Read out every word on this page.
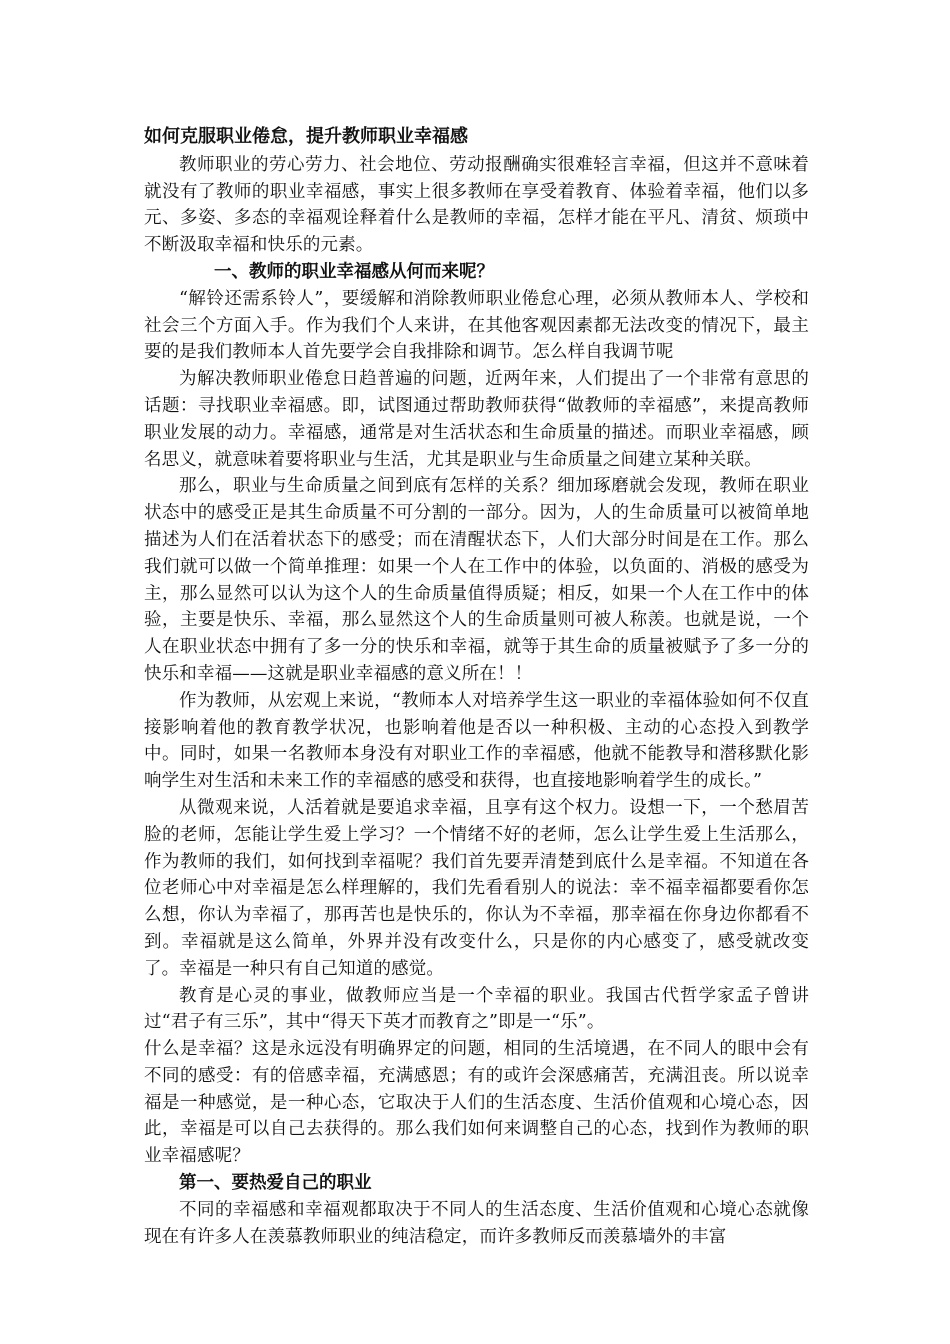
如何克服职业倦怠，提升教师职业幸福感

教师职业的劳心劳力、社会地位、劳动报酬确实很难轻言幸福，但这并不意味着就没有了教师的职业幸福感，事实上很多教师在享受着教育、体验着幸福，他们以多元、多姿、多态的幸福观诠释着什么是教师的幸福，怎样才能在平凡、清贫、烦琐中不断汲取幸福和快乐的元素。

一、教师的职业幸福感从何而来呢？

“解铃还需系铃人”，要缓解和消除教师职业倦怠心理，必须从教师本人、学校和社会三个方面入手。作为我们个人来讲，在其他客观因素都无法改变的情况下，最主要的是我们教师本人首先要学会自我排除和调节。怎么样自我调节呢

为解决教师职业倦怠日趋普遍的问题，近两年来，人们提出了一个非常有意思的话题：寻找职业幸福感。即，试图通过帮助教师获得“做教师的幸福感”，来提高教师职业发展的动力。幸福感，通常是对生活状态和生命质量的描述。而职业幸福感，顾名思义，就意味着要将职业与生活，尤其是职业与生命质量之间建立某种关联。

那么，职业与生命质量之间到底有怎样的关系？细加琢磨就会发现，教师在职业状态中的感受正是其生命质量不可分割的一部分。因为，人的生命质量可以被简单地描述为人们在活着状态下的感受；而在清醒状态下，人们大部分时间是在工作。那么我们就可以做一个简单推理：如果一个人在工作中的体验，以负面的、消极的感受为主，那么显然可以认为这个人的生命质量值得质疑；相反，如果一个人在工作中的体验，主要是快乐、幸福，那么显然这个人的生命质量则可被人称羡。也就是说，一个人在职业状态中拥有了多一分的快乐和幸福，就等于其生命的质量被赋予了多一分的快乐和幸福——这就是职业幸福感的意义所在！！

作为教师，从宏观上来说，“教师本人对培养学生这一职业的幸福体验如何不仅直接影响着他的教育教学状况，也影响着他是否以一种积极、主动的心态投入到教学中。同时，如果一名教师本身没有对职业工作的幸福感，他就不能教导和潜移默化影响学生对生活和未来工作的幸福感的感受和获得，也直接地影响着学生的成长。”

从微观来说，人活着就是要追求幸福，且享有这个权力。设想一下，一个愁眉苦脸的老师，怎能让学生爱上学习？一个情绪不好的老师，怎么让学生爱上生活那么，作为教师的我们，如何找到幸福呢？我们首先要弄清楚到底什么是幸福。不知道在各位老师心中对幸福是怎么样理解的，我们先看看别人的说法：幸不福幸福都要看你怎么想，你认为幸福了，那再苦也是快乐的，你认为不幸福，那幸福在你身边你都看不到。幸福就是这么简单，外界并没有改变什么，只是你的内心感变了，感受就改变了。幸福是一种只有自己知道的感觉。

教育是心灵的事业，做教师应当是一个幸福的职业。我国古代哲学家孟子曾讲过“君子有三乐”，其中“得天下英才而教育之”即是一“乐”。

什么是幸福？这是永远没有明确界定的问题，相同的生活境遇，在不同人的眼中会有不同的感受：有的倍感幸福，充满感恩；有的或许会深感痛苦，充满沮丧。所以说幸福是一种感觉，是一种心态，它取决于人们的生活态度、生活价值观和心境心态，因此，幸福是可以自己去获得的。那么我们如何来调整自己的心态，找到作为教师的职业幸福感呢？

第一、要热爱自己的职业

不同的幸福感和幸福观都取决于不同人的生活态度、生活价值观和心境心态就像现在有许多人在羡慕教师职业的纯洁稳定，而许多教师反而羡慕墙外的丰富
